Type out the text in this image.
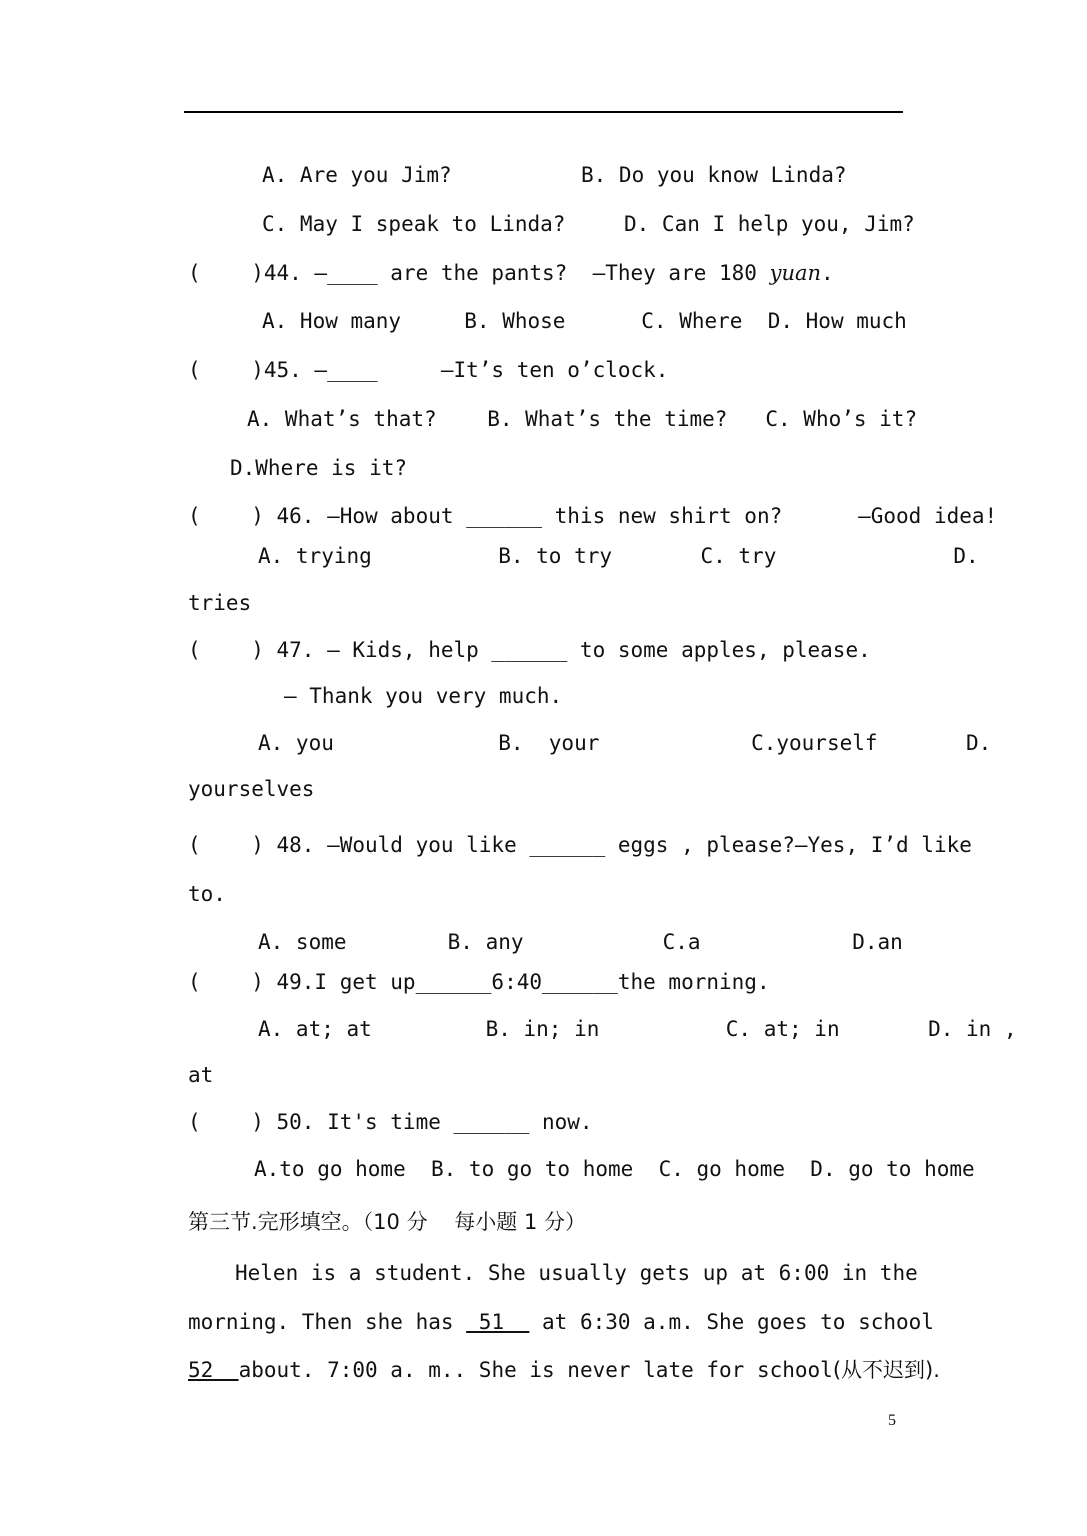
A. Are you Jim?	B. Do you know Linda?
C. May I speak to Linda?	D. Can I help you, Jim?
(    )44. —____ are the pants?  —They are 180 yuan.
A. How many     B. Whose      C. Where  D. How much
(    )45. —____     —It’s ten o’clock.
A. What’s that?    B. What’s the time?   C. Who’s it?
D.Where is it?
(    ) 46. —How about ______ this new shirt on?      —Good idea!
A. trying          B. to try       C. try              D.
tries
(    ) 47. — Kids, help ______ to some apples, please.
— Thank you very much.
A. you             B.  your            C.yourself       D.
yourselves
(    ) 48. —Would you like ______ eggs , please?—Yes, I’d like
to.
A. some        B. any           C.a            D.an
(    ) 49.I get up______6:40______the morning.
A. at; at         B. in; in          C. at; in       D. in ,
at
(    ) 50. It's time ______ now.
A.to go home  B. to go to home  C. go home  D. go to home
第三节.完形填空。（10 分    每小题 1 分）
Helen is a student. She usually gets up at 6:00 in the
morning. Then she has  51   at 6:30 a.m. She goes to school
52  about. 7:00 a. m.. She is never late for school(从不迟到).
5
